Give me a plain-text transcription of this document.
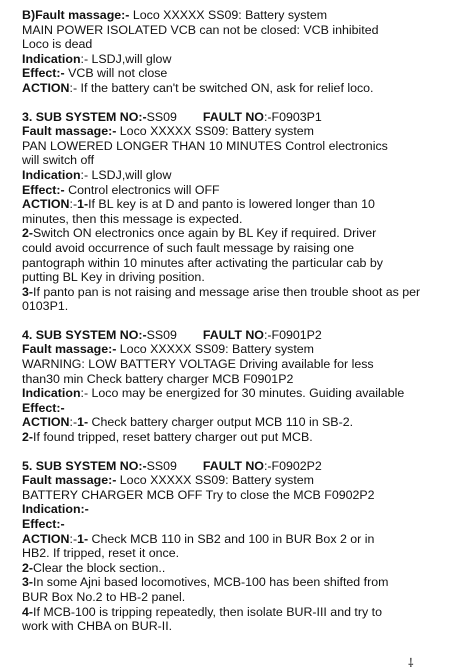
B)Fault massage:- Loco XXXXX SS09: Battery system
MAIN POWER ISOLATED VCB can not be closed: VCB inhibited
Loco is dead
Indication:- LSDJ,will glow
Effect:- VCB will not close
ACTION:- If the battery can't be switched ON, ask for relief loco.
3. SUB SYSTEM NO:-SS09 FAULT NO:-F0903P1
Fault massage:- Loco XXXXX SS09: Battery system
PAN LOWERED LONGER THAN 10 MINUTES Control electronics
will switch off
Indication:- LSDJ,will glow
Effect:- Control electronics will OFF
ACTION:-1-If BL key is at D and panto is lowered longer than 10
minutes, then this message is expected.
2-Switch ON electronics once again by BL Key if required. Driver
could avoid occurrence of such fault message by raising one
pantograph within 10 minutes after activating the particular cab by
putting BL Key in driving position.
3-If panto pan is not raising and message arise then trouble shoot as per
0103P1.
4. SUB SYSTEM NO:-SS09 FAULT NO:-F0901P2
Fault massage:- Loco XXXXX SS09: Battery system
WARNING: LOW BATTERY VOLTAGE Driving available for less
than30 min Check battery charger MCB F0901P2
Indication:- Loco may be energized for 30 minutes. Guiding available
Effect:-
ACTION:-1- Check battery charger output MCB 110 in SB-2.
2-If found tripped, reset battery charger out put MCB.
5. SUB SYSTEM NO:-SS09 FAULT NO:-F0902P2
Fault massage:- Loco XXXXX SS09: Battery system
BATTERY CHARGER MCB OFF Try to close the MCB F0902P2
Indication:-
Effect:-
ACTION:-1- Check MCB 110 in SB2 and 100 in BUR Box 2 or in
HB2. If tripped, reset it once.
2-Clear the block section..
3-In some Ajni based locomotives, MCB-100 has been shifted from
BUR Box No.2 to HB-2 panel.
4-If MCB-100 is tripping repeatedly, then isolate BUR-III and try to
work with CHBA on BUR-II.
⸸
